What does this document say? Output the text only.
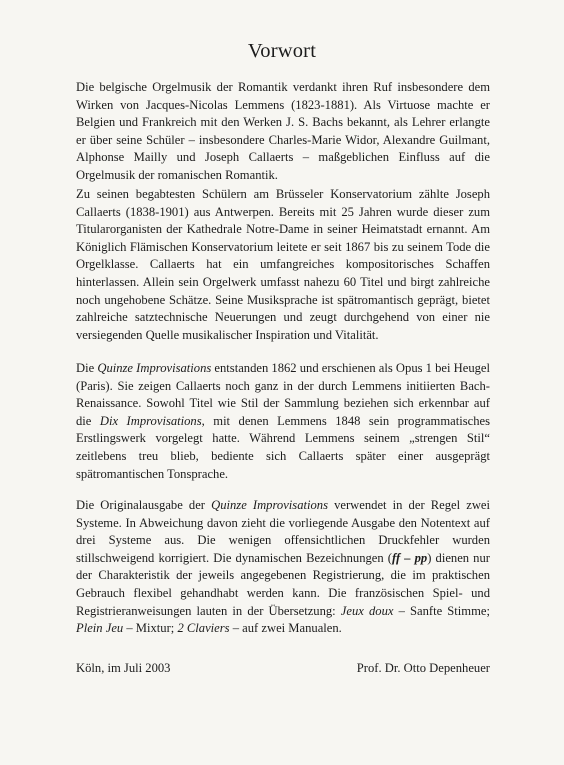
Vorwort

Die belgische Orgelmusik der Romantik verdankt ihren Ruf insbesondere dem Wirken von Jacques-Nicolas Lemmens (1823-1881). Als Virtuose machte er Belgien und Frankreich mit den Werken J. S. Bachs bekannt, als Lehrer erlangte er über seine Schüler – insbesondere Charles-Marie Widor, Alexandre Guilmant, Alphonse Mailly und Joseph Callaerts – maßgeblichen Einfluss auf die Orgelmusik der romanischen Romantik.

Zu seinen begabtesten Schülern am Brüsseler Konservatorium zählte Joseph Callaerts (1838-1901) aus Antwerpen. Bereits mit 25 Jahren wurde dieser zum Titularorganisten der Kathedrale Notre-Dame in seiner Heimatstadt ernannt. Am Königlich Flämischen Konservatorium leitete er seit 1867 bis zu seinem Tode die Orgelklasse. Callaerts hat ein umfangreiches kompositorisches Schaffen hinterlassen. Allein sein Orgelwerk umfasst nahezu 60 Titel und birgt zahlreiche noch ungehobene Schätze. Seine Musiksprache ist spätromantisch geprägt, bietet zahlreiche satztechnische Neuerungen und zeugt durchgehend von einer nie versiegenden Quelle musikalischer Inspiration und Vitalität.

Die Quinze Improvisations entstanden 1862 und erschienen als Opus 1 bei Heugel (Paris). Sie zeigen Callaerts noch ganz in der durch Lemmens initiierten Bach-Renaissance. Sowohl Titel wie Stil der Sammlung beziehen sich erkennbar auf die Dix Improvisations, mit denen Lemmens 1848 sein programmatisches Erstlingswerk vorgelegt hatte. Während Lemmens seinem „strengen Stil“ zeitlebens treu blieb, bediente sich Callaerts später einer ausgeprägt spätromantischen Tonsprache.

Die Originalausgabe der Quinze Improvisations verwendet in der Regel zwei Systeme. In Abweichung davon zieht die vorliegende Ausgabe den Notentext auf drei Systeme aus. Die wenigen offensichtlichen Druckfehler wurden stillschweigend korrigiert. Die dynamischen Bezeichnungen (ff – pp) dienen nur der Charakteristik der jeweils angegebenen Registrierung, die im praktischen Gebrauch flexibel gehandhabt werden kann. Die französischen Spiel- und Registrieranweisungen lauten in der Übersetzung: Jeux doux – Sanfte Stimme; Plein Jeu – Mixtur; 2 Claviers – auf zwei Manualen.

Köln, im Juli 2003	Prof. Dr. Otto Depenheuer
